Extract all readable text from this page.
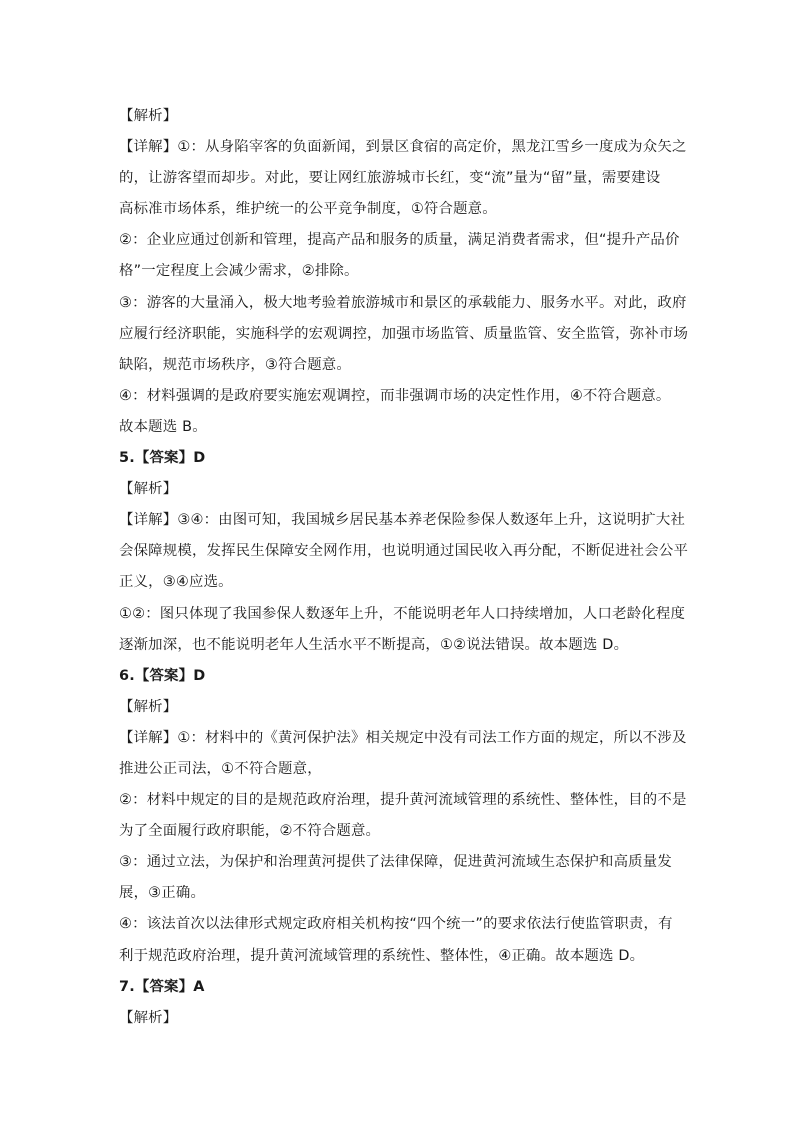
【解析】
【详解】①：从身陷宰客的负面新闻，到景区食宿的高定价，黑龙江雪乡一度成为众矢之
的，让游客望而却步。对此，要让网红旅游城市长红，变“流”量为“留”量，需要建设
高标准市场体系，维护统一的公平竞争制度，①符合题意。
②：企业应通过创新和管理，提高产品和服务的质量，满足消费者需求，但“提升产品价
格”一定程度上会减少需求，②排除。
③：游客的大量涌入，极大地考验着旅游城市和景区的承载能力、服务水平。对此，政府
应履行经济职能，实施科学的宏观调控，加强市场监管、质量监管、安全监管，弥补市场
缺陷，规范市场秩序，③符合题意。
④：材料强调的是政府要实施宏观调控，而非强调市场的决定性作用，④不符合题意。
故本题选 B。
5.【答案】D
【解析】
【详解】③④：由图可知，我国城乡居民基本养老保险参保人数逐年上升，这说明扩大社
会保障规模，发挥民生保障安全网作用，也说明通过国民收入再分配，不断促进社会公平
正义，③④应选。
①②：图只体现了我国参保人数逐年上升，不能说明老年人口持续增加，人口老龄化程度
逐渐加深，也不能说明老年人生活水平不断提高，①②说法错误。故本题选 D。
6.【答案】D
【解析】
【详解】①：材料中的《黄河保护法》相关规定中没有司法工作方面的规定，所以不涉及
推进公正司法，①不符合题意，
②：材料中规定的目的是规范政府治理，提升黄河流域管理的系统性、整体性，目的不是
为了全面履行政府职能，②不符合题意。
③：通过立法，为保护和治理黄河提供了法律保障，促进黄河流域生态保护和高质量发
展，③正确。
④：该法首次以法律形式规定政府相关机构按“四个统一”的要求依法行使监管职责，有
利于规范政府治理，提升黄河流域管理的系统性、整体性，④正确。故本题选 D。
7.【答案】A
【解析】
